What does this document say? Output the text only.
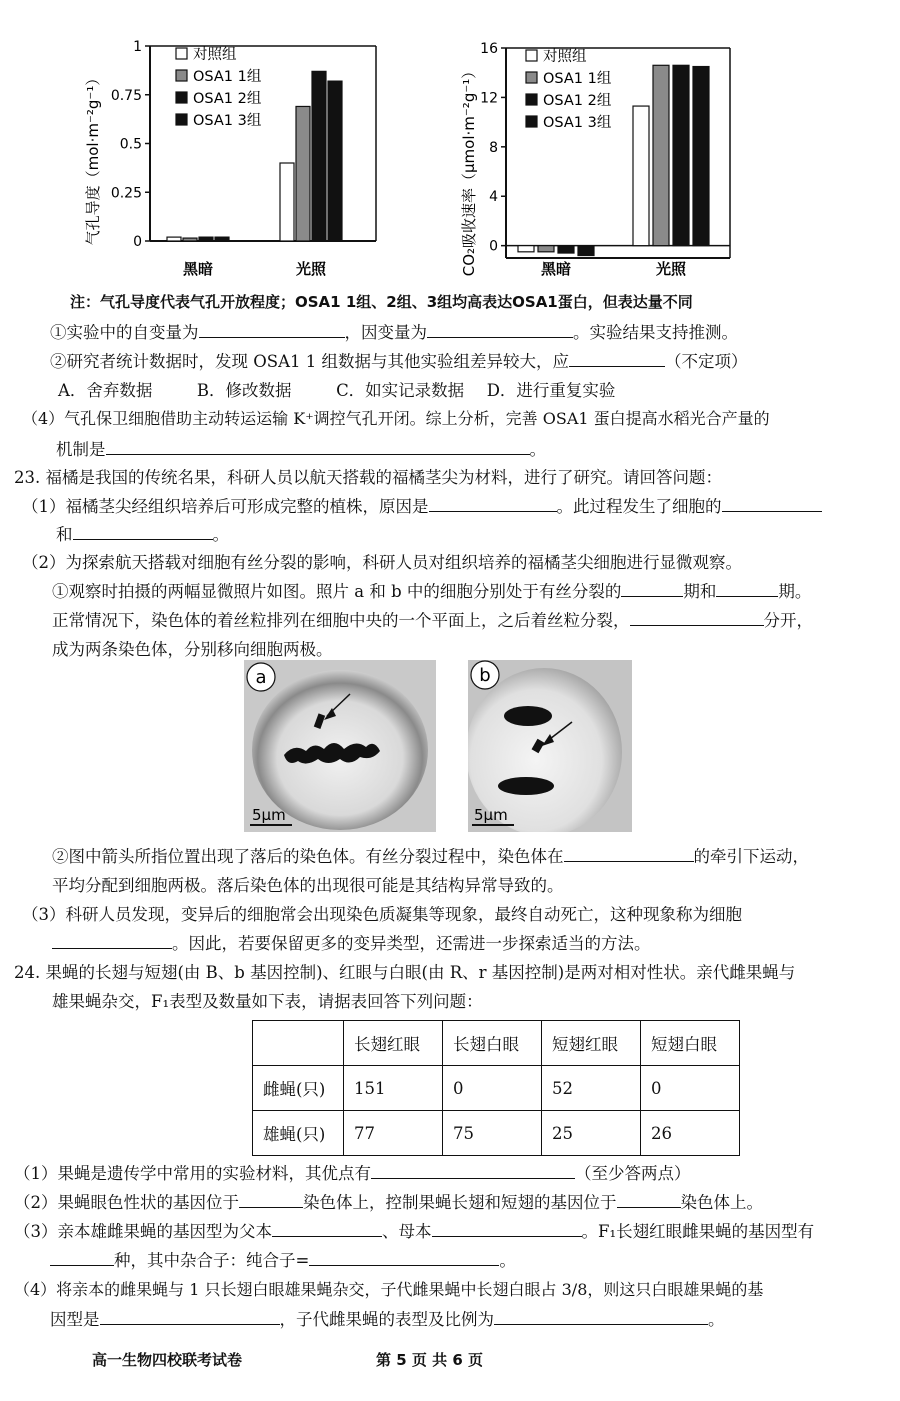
气孔导度（mol·m⁻²g⁻¹） 0
0.25
0.5
0.75
1	对照组
OSA1 1组
OSA1 2组
OSA1 3组
黑暗	光照	CO₂吸收速率（μmol·m⁻²g⁻¹） 0
4
8
12
16	对照组
OSA1 1组
OSA1 2组
OSA1 3组
黑暗	光照
注：气孔导度代表气孔开放程度；OSA1 1组、2组、3组均高表达OSA1蛋白，但表达量不同
①实验中的自变量为	，因变量为	。实验结果支持推测。
②研究者统计数据时，发现 OSA1 1 组数据与其他实验组差异较大，应	（不定项）
A．舍弃数据	B．修改数据	C．如实记录数据 D．进行重复实验
（4）气孔保卫细胞借助主动转运运输 K⁺调控气孔开闭。综上分析，完善 OSA1 蛋白提高水稻光合产量的
机制是	。
23. 福橘是我国的传统名果，科研人员以航天搭载的福橘茎尖为材料，进行了研究。请回答问题：
（1）福橘茎尖经组织培养后可形成完整的植株，原因是	。此过程发生了细胞的
和	。
（2）为探索航天搭载对细胞有丝分裂的影响，科研人员对组织培养的福橘茎尖细胞进行显微观察。
①观察时拍摄的两幅显微照片如图。照片 a 和 b 中的细胞分别处于有丝分裂的	期和	期。
正常情况下，染色体的着丝粒排列在细胞中央的一个平面上，之后着丝粒分裂，	分开，
成为两条染色体，分别移向细胞两极。
a
5μm
b
5μm
②图中箭头所指位置出现了落后的染色体。有丝分裂过程中，染色体在	的牵引下运动，
平均分配到细胞两极。落后染色体的出现很可能是其结构异常导致的。
（3）科研人员发现，变异后的细胞常会出现染色质凝集等现象，最终自动死亡，这种现象称为细胞
。因此，若要保留更多的变异类型，还需进一步探索适当的方法。
24. 果蝇的长翅与短翅(由 B、b 基因控制)、红眼与白眼(由 R、r 基因控制)是两对相对性状。亲代雌果蝇与
雄果蝇杂交，F₁表型及数量如下表，请据表回答下列问题：
	长翅红眼	长翅白眼	短翅红眼	短翅白眼
雌蝇(只)	151	0	52	0
雄蝇(只)	77	75	25	26
（1）果蝇是遗传学中常用的实验材料，其优点有	（至少答两点）
（2）果蝇眼色性状的基因位于	染色体上，控制果蝇长翅和短翅的基因位于	染色体上。
（3）亲本雄雌果蝇的基因型为父本	、母本	。F₁长翅红眼雌果蝇的基因型有
种，其中杂合子：纯合子=	。
（4）将亲本的雌果蝇与 1 只长翅白眼雄果蝇杂交，子代雌果蝇中长翅白眼占 3/8，则这只白眼雄果蝇的基
因型是	，子代雌果蝇的表型及比例为	。
高一生物四校联考试卷	第 5 页 共 6 页
